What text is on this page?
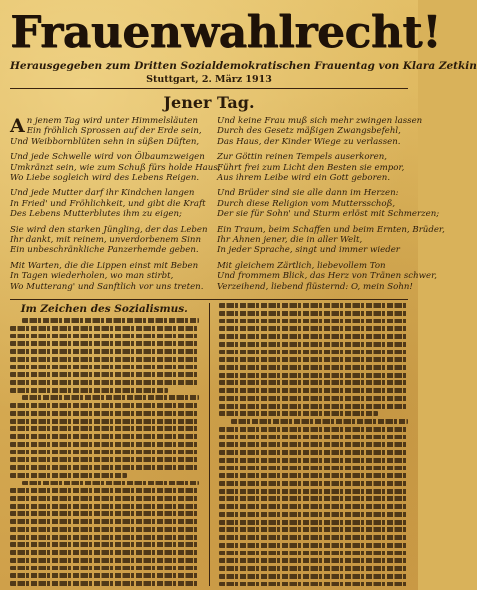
Frauenwahlrecht!
Herausgegeben zum Dritten Sozialdemokratischen Frauentag von Klara Zetkin
Stuttgart, 2. März 1913
Jener Tag.
A n jenem Tag wird unter Himmelsläuten
Ein fröhlich Sprossen auf der Erde sein,
Und Weibbornblüten sehn in süßen Düften,
Und jede Schwelle wird von Ölbaumzweigen
Umkränzt sein, wie zum Schuß fürs holde Haus,
Wo Liebe sogleich wird des Lebens Reigen.
Und jede Mutter darf ihr Kindchen langen
In Fried' und Fröhlichkeit, und gibt die Kraft
Des Lebens Mutterblutes ihm zu eigen;
Sie wird den starken Jüngling, der das Leben
Ihr dankt, mit reinem, unverdorbenem Sinn
Ein unbeschränkliche Panzerhemde geben.
Mit Warten, die die Lippen einst mit Beben
In Tagen wiederholen, wo man stirbt,
Wo Mutterang' und Sanftlich vor uns treten.
Und keine Frau muß sich mehr zwingen lassen
Durch des Gesetz mäßigen Zwangsbefehl,
Das Haus, der Kinder Wiege zu verlassen.
Zur Göttin reinen Tempels auserkoren,
Führt frei zum Licht den Besten sie empor,
Aus ihrem Leibe wird ein Gott geboren.
Und Brüder sind sie alle dann im Herzen:
Durch diese Religion vom Muttersschoß,
Der sie für Sohn' und Sturm erlöst mit Schmerzen;
Ein Traum, beim Schaffen und beim Ernten, Brüder,
Ihr Ahnen jener, die in aller Welt,
In jeder Sprache, singt und immer wieder
Mit gleichem Zärtlich, liebevollem Ton
Und frommem Blick, das Herz von Tränen schwer,
Verzeihend, liebend flüsternd: O, mein Sohn!
Im Zeichen des Sozialismus.
